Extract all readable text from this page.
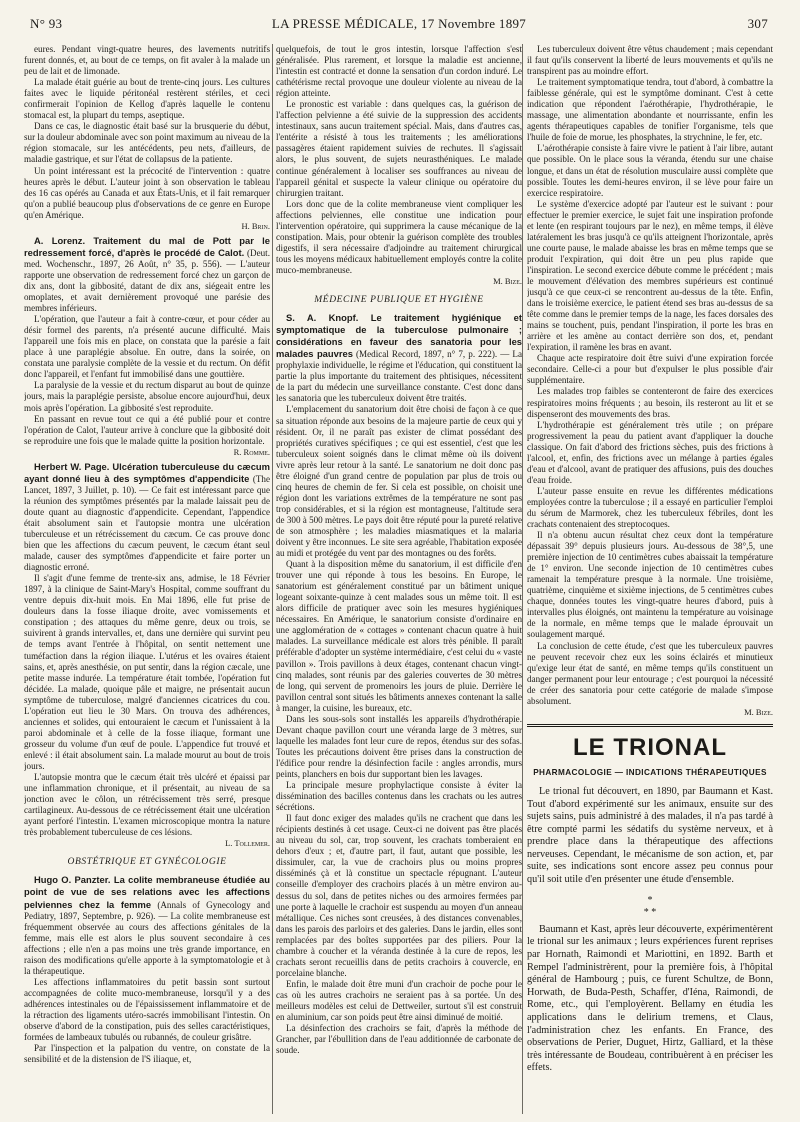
N° 93	LA PRESSE MÉDICALE, 17 Novembre 1897	307

eures. Pendant vingt-quatre heures, des lavements nutritifs furent donnés, et, au bout de ce temps, on fit avaler à la malade un peu de lait et de limonade.

La malade était guérie au bout de trente-cinq jours. Les cultures faites avec le liquide péritonéal restèrent stériles, et ceci confirmerait l'opinion de Kellog d'après laquelle le contenu stomacal est, la plupart du temps, aseptique.

Dans ce cas, le diagnostic était basé sur la brusquerie du début, sur la douleur abdominale avec son point maximum au niveau de la région stomacale, sur les antécédents, peu nets, d'ailleurs, de maladie gastrique, et sur l'état de collapsus de la patiente.

Un point intéressant est la précocité de l'intervention : quatre heures après le début. L'auteur joint à son observation le tableau des 16 cas opérés au Canada et aux États-Unis, et il fait remarquer qu'on a publié beaucoup plus d'observations de ce genre en Europe qu'en Amérique.

H. Brin.

A. Lorenz. Traitement du mal de Pott par le redressement forcé, d'après le procédé de Calot. (Deut. med. Wochenschr., 1897, 26 Août, n° 35, p. 556). — L'auteur rapporte une observation de redressement forcé chez un garçon de dix ans, dont la gibbosité, datant de dix ans, siégeait entre les omoplates, et avait dernièrement provoqué une parésie des membres inférieurs.

L'opération, que l'auteur a fait à contre-cœur, et pour céder au désir formel des parents, n'a présenté aucune difficulté. Mais l'appareil une fois mis en place, on constata que la parésie a fait place à une paraplégie absolue. En outre, dans la soirée, on constata une paralysie complète de la vessie et du rectum. On défit donc l'appareil, et l'enfant fut immobilisé dans une gouttière.

La paralysie de la vessie et du rectum disparut au bout de quinze jours, mais la paraplégie persiste, absolue encore aujourd'hui, deux mois après l'opération. La gibbosité s'est reproduite.

En passant en revue tout ce qui a été publié pour et contre l'opération de Calot, l'auteur arrive à conclure que la gibbosité doit se reproduire une fois que le malade quitte la position horizontale.

R. Romme.

Herbert W. Page. Ulcération tuberculeuse du cæcum ayant donné lieu à des symptômes d'appendicite (The Lancet, 1897, 3 Juillet, p. 10). — Ce fait est intéressant parce que la réunion des symptômes présentés par la malade laissait peu de doute quant au diagnostic d'appendicite. Cependant, l'appendice était absolument sain et l'autopsie montra une ulcération tuberculeuse et un rétrécissement du cæcum. Ce cas prouve donc bien que les affections du cæcum peuvent, le cæcum étant seul malade, causer des symptômes d'appendicite et faire porter un diagnostic erroné.

Il s'agit d'une femme de trente-six ans, admise, le 18 Février 1897, à la clinique de Saint-Mary's Hospital, comme souffrant du ventre depuis dix-huit mois. En Mai 1896, elle fut prise de douleurs dans la fosse iliaque droite, avec vomissements et constipation ; des attaques du même genre, deux ou trois, se suivirent à grands intervalles, et, dans une dernière qui survint peu de temps avant l'entrée à l'hôpital, on sentit nettement une tuméfaction dans la région iliaque. L'utérus et les ovaires étaient sains, et, après anesthésie, on put sentir, dans la région cæcale, une petite masse indurée. La température était tombée, l'opération fut décidée. La malade, quoique pâle et maigre, ne présentait aucun symptôme de tuberculose, malgré d'anciennes cicatrices du cou. L'opération eut lieu le 30 Mars. On trouva des adhérences, anciennes et solides, qui entouraient le cæcum et l'unissaient à la paroi abdominale et à celle de la fosse iliaque, formant une grosseur du volume d'un œuf de poule. L'appendice fut trouvé et enlevé : il était absolument sain. La malade mourut au bout de trois jours.

L'autopsie montra que le cæcum était très ulcéré et épaissi par une inflammation chronique, et il présentait, au niveau de sa jonction avec le côlon, un rétrécissement très serré, presque cartilagineux. Au-dessous de ce rétrécissement était une ulcération ayant perforé l'intestin. L'examen microscopique montra la nature très probablement tuberculeuse de ces lésions.

L. Tollemer.
OBSTÉTRIQUE ET GYNÉCOLOGIE

Hugo O. Panzter. La colite membraneuse étudiée au point de vue de ses relations avec les affections pelviennes chez la femme (Annals of Gynecology and Pediatry, 1897, Septembre, p. 926). — La colite membraneuse est fréquemment observée au cours des affections génitales de la femme, mais elle est alors le plus souvent secondaire à ces affections ; elle n'en a pas moins une très grande importance, en raison des modifications qu'elle apporte à la symptomatologie et à la thérapeutique.

Les affections inflammatoires du petit bassin sont surtout accompagnées de colite muco-membraneuse, lorsqu'il y a des adhérences intestinales ou de l'épaississement inflammatoire et de la rétraction des ligaments utéro-sacrés immobilisant l'intestin. On observe d'abord de la constipation, puis des selles caractéristiques, formées de lambeaux tubulés ou rubannés, de couleur grisâtre.

Par l'inspection et la palpation du ventre, on constate de la sensibilité et de la distension de l'S iliaque, et,

quelquefois, de tout le gros intestin, lorsque l'affection s'est généralisée. Plus rarement, et lorsque la maladie est ancienne, l'intestin est contracté et donne la sensation d'un cordon induré. Le cathétérisme rectal provoque une douleur violente au niveau de la région atteinte.

Le pronostic est variable : dans quelques cas, la guérison de l'affection pelvienne a été suivie de la suppression des accidents intestinaux, sans aucun traitement spécial. Mais, dans d'autres cas, l'entérite a résisté à tous les traitements ; les améliorations passagères étaient rapidement suivies de rechutes. Il s'agissait alors, le plus souvent, de sujets neurasthéniques. Le malade continue généralement à localiser ses souffrances au niveau de l'appareil génital et suspecte la valeur clinique ou opératoire du chirurgien traitant.

Lors donc que de la colite membraneuse vient compliquer les affections pelviennes, elle constitue une indication pour l'intervention opératoire, qui supprimera la cause mécanique de la constipation. Mais, pour obtenir la guérison complète des troubles digestifs, il sera nécessaire d'adjoindre au traitement chirurgical tous les moyens médicaux habituellement employés contre la colite muco-membraneuse.

M. Bize.
MÉDECINE PUBLIQUE ET HYGIÈNE

S. A. Knopf. Le traitement hygiénique et symptomatique de la tuberculose pulmonaire ; considérations en faveur des sanatoria pour les malades pauvres (Medical Record, 1897, n° 7, p. 222). — La prophylaxie individuelle, le régime et l'éducation, qui constituent la partie la plus importante du traitement des phtisiques, nécessitent de la part du médecin une surveillance constante. C'est donc dans les sanatoria que les tuberculeux doivent être traités.

L'emplacement du sanatorium doit être choisi de façon à ce que sa situation réponde aux besoins de la majeure partie de ceux qui y résident. Or, il ne paraît pas exister de climat possédant des propriétés curatives spécifiques ; ce qui est essentiel, c'est que les tuberculeux soient soignés dans le climat même où ils doivent vivre après leur retour à la santé. Le sanatorium ne doit donc pas être éloigné d'un grand centre de population par plus de trois ou cinq heures de chemin de fer. Si cela est possible, on choisit une région dont les variations extrêmes de la température ne sont pas trop considérables, et si la région est montagneuse, l'altitude sera de 300 à 500 mètres. Le pays doit être réputé pour la pureté relative de son atmosphère ; les maladies miasmatiques et la malaria doivent y être inconnues. Le site sera agréable, l'habitation exposée au midi et protégée du vent par des montagnes ou des forêts.

Quant à la disposition même du sanatorium, il est difficile d'en trouver une qui réponde à tous les besoins. En Europe, le sanatorium est généralement constitué par un bâtiment unique logeant soixante-quinze à cent malades sous un même toit. Il est alors difficile de pratiquer avec soin les mesures hygiéniques nécessaires. En Amérique, le sanatorium consiste d'ordinaire en une agglomération de « cottages » contenant chacun quatre à huit malades. La surveillance médicale est alors très pénible. Il paraît préférable d'adopter un système intermédiaire, c'est celui du « vaste pavillon ». Trois pavillons à deux étages, contenant chacun vingt-cinq malades, sont réunis par des galeries couvertes de 30 mètres de long, qui servent de promenoirs les jours de pluie. Derrière le pavillon central sont situés les bâtiments annexes contenant la salle à manger, la cuisine, les bureaux, etc.

Dans les sous-sols sont installés les appareils d'hydrothérapie. Devant chaque pavillon court une véranda large de 3 mètres, sur laquelle les malades font leur cure de repos, étendus sur des sofas. Toutes les précautions doivent être prises dans la construction de l'édifice pour rendre la désinfection facile : angles arrondis, murs peints, planchers en bois dur supportant bien les lavages.

La principale mesure prophylactique consiste à éviter la dissémination des bacilles contenus dans les crachats ou les autres sécrétions.

Il faut donc exiger des malades qu'ils ne crachent que dans les récipients destinés à cet usage. Ceux-ci ne doivent pas être placés au niveau du sol, car, trop souvent, les crachats tomberaient en dehors d'eux ; et, d'autre part, il faut, autant que possible, les dissimuler, car, la vue de crachoirs plus ou moins propres disséminés çà et là constitue un spectacle répugnant. L'auteur conseille d'employer des crachoirs placés à un mètre environ au-dessus du sol, dans de petites niches ou des armoires fermées par une porte à laquelle le crachoir est suspendu au moyen d'un anneau métallique. Ces niches sont creusées, à des distances convenables, dans les parois des parloirs et des galeries. Dans le jardin, elles sont remplacées par des boîtes supportées par des piliers. Pour la chambre à coucher et la véranda destinée à la cure de repos, les crachats seront recueillis dans de petits crachoirs à couvercle, en porcelaine blanche.

Enfin, le malade doit être muni d'un crachoir de poche pour le cas où les autres crachoirs ne seraient pas à sa portée. Un des meilleurs modèles est celui de Dettweiler, surtout s'il est construit en aluminium, car son poids peut être ainsi diminué de moitié.

La désinfection des crachoirs se fait, d'après la méthode de Grancher, par l'ébullition dans de l'eau additionnée de carbonate de soude.

Les tuberculeux doivent être vêtus chaudement ; mais cependant il faut qu'ils conservent la liberté de leurs mouvements et qu'ils ne transpirent pas au moindre effort.

Le traitement symptomatique tendra, tout d'abord, à combattre la faiblesse générale, qui est le symptôme dominant. C'est à cette indication que répondent l'aérothérapie, l'hydrothérapie, le massage, une alimentation abondante et nourrissante, enfin les agents thérapeutiques capables de tonifier l'organisme, tels que l'huile de foie de morue, les phosphates, la strychnine, le fer, etc.

L'aérothérapie consiste à faire vivre le patient à l'air libre, autant que possible. On le place sous la véranda, étendu sur une chaise longue, et dans un état de résolution musculaire aussi complète que possible. Toutes les demi-heures environ, il se lève pour faire un exercice respiratoire.

Le système d'exercice adopté par l'auteur est le suivant : pour effectuer le premier exercice, le sujet fait une inspiration profonde et lente (en respirant toujours par le nez), en même temps, il élève latéralement les bras jusqu'à ce qu'ils atteignent l'horizontale, après une courte pause, le malade abaisse les bras en même temps que se produit l'expiration, qui doit être un peu plus rapide que l'inspiration. Le second exercice débute comme le précédent ; mais le mouvement d'élévation des membres supérieurs est continué jusqu'à ce que ceux-ci se rencontrent au-dessus de la tête. Enfin, dans le troisième exercice, le patient étend ses bras au-dessus de sa tête comme dans le premier temps de la nage, les faces dorsales des mains se touchent, puis, pendant l'inspiration, il porte les bras en arrière et les amène au contact derrière son dos, et, pendant l'expiration, il ramène les bras en avant.

Chaque acte respiratoire doit être suivi d'une expiration forcée secondaire. Celle-ci a pour but d'expulser le plus possible d'air supplémentaire.

Les malades trop faibles se contenteront de faire des exercices respiratoires moins fréquents ; au besoin, ils resteront au lit et se dispenseront des mouvements des bras.

L'hydrothérapie est généralement très utile ; on prépare progressivement la peau du patient avant d'appliquer la douche classique. On fait d'abord des frictions sèches, puis des frictions à l'alcool, et, enfin, des frictions avec un mélange à parties égales d'eau et d'alcool, avant de pratiquer des affusions, puis des douches d'eau froide.

L'auteur passe ensuite en revue les différentes médications employées contre la tuberculose ; il a essayé en particulier l'emploi du sérum de Marmorek, chez les tuberculeux fébriles, dont les crachats contenaient des streptocoques.

Il n'a obtenu aucun résultat chez ceux dont la température dépassait 39° depuis plusieurs jours. Au-dessous de 38°,5, une première injection de 10 centimètres cubes abaissait la température de 1° environ. Une seconde injection de 10 centimètres cubes ramenait la température presque à la normale. Une troisième, quatrième, cinquième et sixième injections, de 5 centimètres cubes chaque, données toutes les vingt-quatre heures d'abord, puis à intervalles plus éloignés, ont maintenu la température au voisinage de la normale, en même temps que le malade éprouvait un soulagement marqué.

La conclusion de cette étude, c'est que les tuberculeux pauvres ne peuvent recevoir chez eux les soins éclairés et minutieux qu'exige leur état de santé, en même temps qu'ils constituent un danger permanent pour leur entourage ; c'est pourquoi la nécessité de créer des sanatoria pour cette catégorie de malade s'impose absolument.

M. Bize.
LE TRIONAL
PHARMACOLOGIE — INDICATIONS THÉRAPEUTIQUES

Le trional fut découvert, en 1890, par Baumann et Kast. Tout d'abord expérimenté sur les animaux, ensuite sur des sujets sains, puis administré à des malades, il n'a pas tardé à être compté parmi les sédatifs du système nerveux, et à prendre place dans la thérapeutique des affections nerveuses. Cependant, le mécanisme de son action, et, par suite, ses indications sont encore assez peu connus pour qu'il soit utile d'en présenter une étude d'ensemble.

*
* *

Baumann et Kast, après leur découverte, expérimentèrent le trional sur les animaux ; leurs expériences furent reprises par Hornath, Raimondi et Mariottini, en 1892. Barth et Rempel l'administrèrent, pour la première fois, à l'hôpital général de Hambourg ; puis, ce furent Schultze, de Bonn, Horwath, de Buda-Pesth, Schaffer, d'Iéna, Raimondi, de Rome, etc., qui l'employèrent. Bellamy en étudia les applications dans le delirium tremens, et Claus, l'administration chez les enfants. En France, des observations de Perier, Duguet, Hirtz, Galliard, et la thèse très intéressante de Boudeau, contribuèrent à en préciser les effets.
